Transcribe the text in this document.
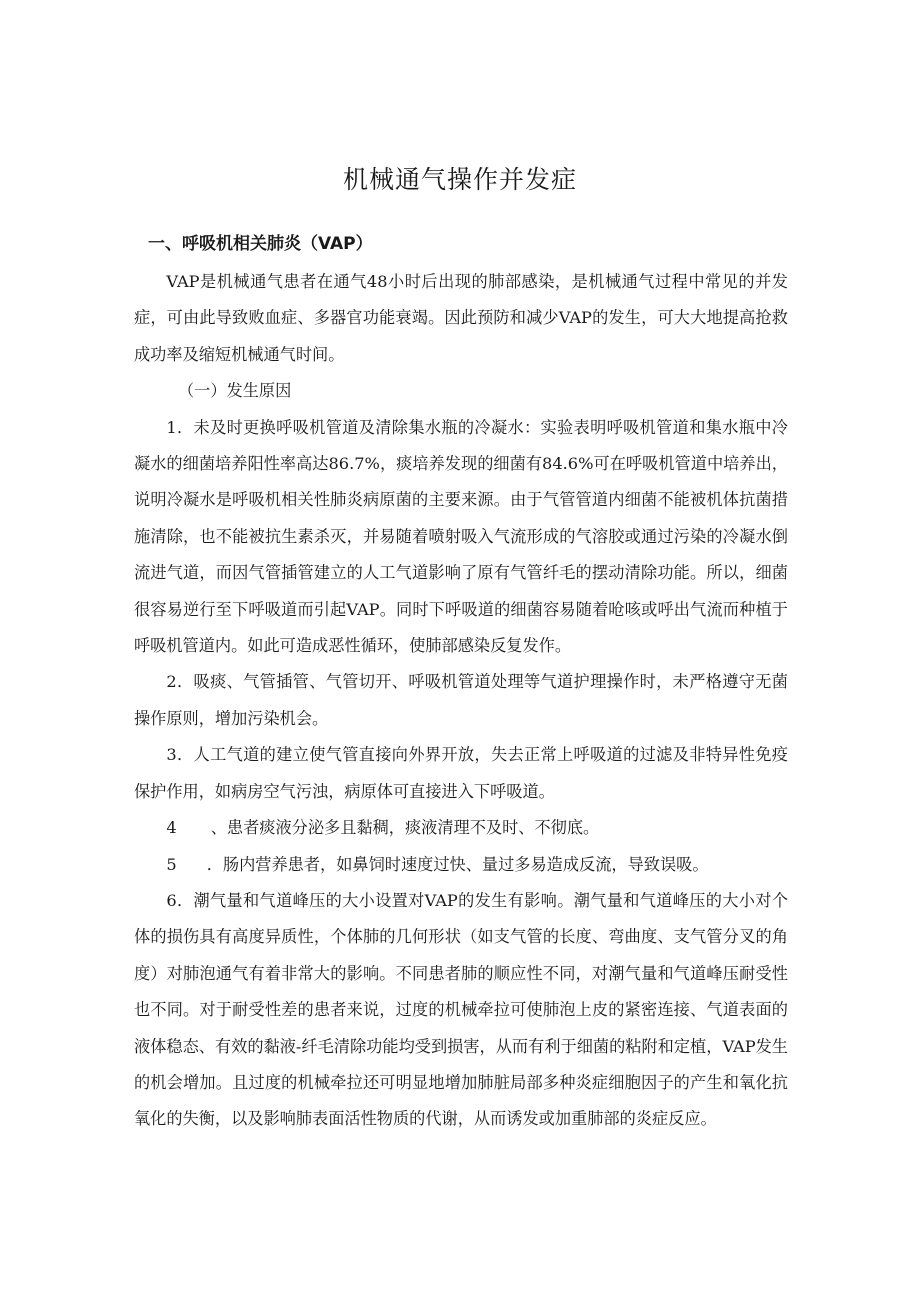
机械通气操作并发症
一、呼吸机相关肺炎（VAP）

VAP是机械通气患者在通气48小时后出现的肺部感染，是机械通气过程中常见的并发症，可由此导致败血症、多器官功能衰竭。因此预防和减少VAP的发生，可大大地提高抢救成功率及缩短机械通气时间。

（一）发生原因

1．未及时更换呼吸机管道及清除集水瓶的冷凝水：实验表明呼吸机管道和集水瓶中冷凝水的细菌培养阳性率高达86.7%，痰培养发现的细菌有84.6%可在呼吸机管道中培养出，说明冷凝水是呼吸机相关性肺炎病原菌的主要来源。由于气管管道内细菌不能被机体抗菌措施清除，也不能被抗生素杀灭，并易随着喷射吸入气流形成的气溶胶或通过污染的冷凝水倒流进气道，而因气管插管建立的人工气道影响了原有气管纤毛的摆动清除功能。所以，细菌很容易逆行至下呼吸道而引起VAP。同时下呼吸道的细菌容易随着呛咳或呼出气流而种植于呼吸机管道内。如此可造成恶性循环，使肺部感染反复发作。

2．吸痰、气管插管、气管切开、呼吸机管道处理等气道护理操作时，未严格遵守无菌操作原则，增加污染机会。

3．人工气道的建立使气管直接向外界开放，失去正常上呼吸道的过滤及非特异性免疫保护作用，如病房空气污浊，病原体可直接进入下呼吸道。

4 、患者痰液分泌多且黏稠，痰液清理不及时、不彻底。

5 ．肠内营养患者，如鼻饲时速度过快、量过多易造成反流，导致误吸。

6．潮气量和气道峰压的大小设置对VAP的发生有影响。潮气量和气道峰压的大小对个体的损伤具有高度异质性，个体肺的几何形状（如支气管的长度、弯曲度、支气管分叉的角度）对肺泡通气有着非常大的影响。不同患者肺的顺应性不同，对潮气量和气道峰压耐受性也不同。对于耐受性差的患者来说，过度的机械牵拉可使肺泡上皮的紧密连接、气道表面的液体稳态、有效的黏液-纤毛清除功能均受到损害，从而有利于细菌的粘附和定植，VAP发生的机会增加。且过度的机械牵拉还可明显地增加肺脏局部多种炎症细胞因子的产生和氧化抗氧化的失衡，以及影响肺表面活性物质的代谢，从而诱发或加重肺部的炎症反应。
